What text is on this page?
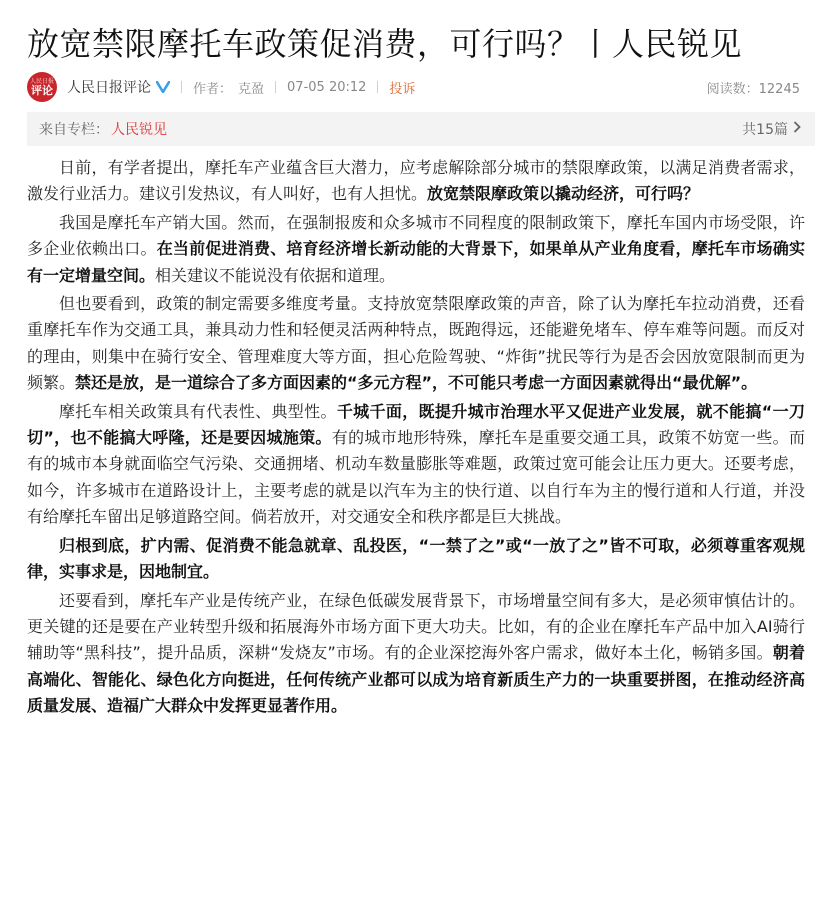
放宽禁限摩托车政策促消费，可行吗？丨人民锐见
人民日报
评论 人民日报评论	作者： 克盈 07-05 20:12 投诉	阅读数：12245
来自专栏： 人民锐见	共15篇

日前，有学者提出，摩托车产业蕴含巨大潜力，应考虑解除部分城市的禁限摩政策，以满足消费者需求，激发行业活力。建议引发热议，有人叫好，也有人担忧。放宽禁限摩政策以撬动经济，可行吗？

我国是摩托车产销大国。然而，在强制报废和众多城市不同程度的限制政策下，摩托车国内市场受限，许多企业依赖出口。在当前促进消费、培育经济增长新动能的大背景下，如果单从产业角度看，摩托车市场确实有一定增量空间。相关建议不能说没有依据和道理。

但也要看到，政策的制定需要多维度考量。支持放宽禁限摩政策的声音，除了认为摩托车拉动消费，还看重摩托车作为交通工具，兼具动力性和轻便灵活两种特点，既跑得远，还能避免堵车、停车难等问题。而反对的理由，则集中在骑行安全、管理难度大等方面，担心危险驾驶、“炸街”扰民等行为是否会因放宽限制而更为频繁。禁还是放，是一道综合了多方面因素的“多元方程”，不可能只考虑一方面因素就得出“最优解”。

摩托车相关政策具有代表性、典型性。千城千面，既提升城市治理水平又促进产业发展，就不能搞“一刀切”，也不能搞大呼隆，还是要因城施策。有的城市地形特殊，摩托车是重要交通工具，政策不妨宽一些。而有的城市本身就面临空气污染、交通拥堵、机动车数量膨胀等难题，政策过宽可能会让压力更大。还要考虑，如今，许多城市在道路设计上，主要考虑的就是以汽车为主的快行道、以自行车为主的慢行道和人行道，并没有给摩托车留出足够道路空间。倘若放开，对交通安全和秩序都是巨大挑战。

归根到底，扩内需、促消费不能急就章、乱投医，“一禁了之”或“一放了之”皆不可取，必须尊重客观规律，实事求是，因地制宜。

还要看到，摩托车产业是传统产业，在绿色低碳发展背景下，市场增量空间有多大，是必须审慎估计的。更关键的还是要在产业转型升级和拓展海外市场方面下更大功夫。比如，有的企业在摩托车产品中加入AI骑行辅助等“黑科技”，提升品质，深耕“发烧友”市场。有的企业深挖海外客户需求，做好本土化，畅销多国。朝着高端化、智能化、绿色化方向挺进，任何传统产业都可以成为培育新质生产力的一块重要拼图，在推动经济高质量发展、造福广大群众中发挥更显著作用。
